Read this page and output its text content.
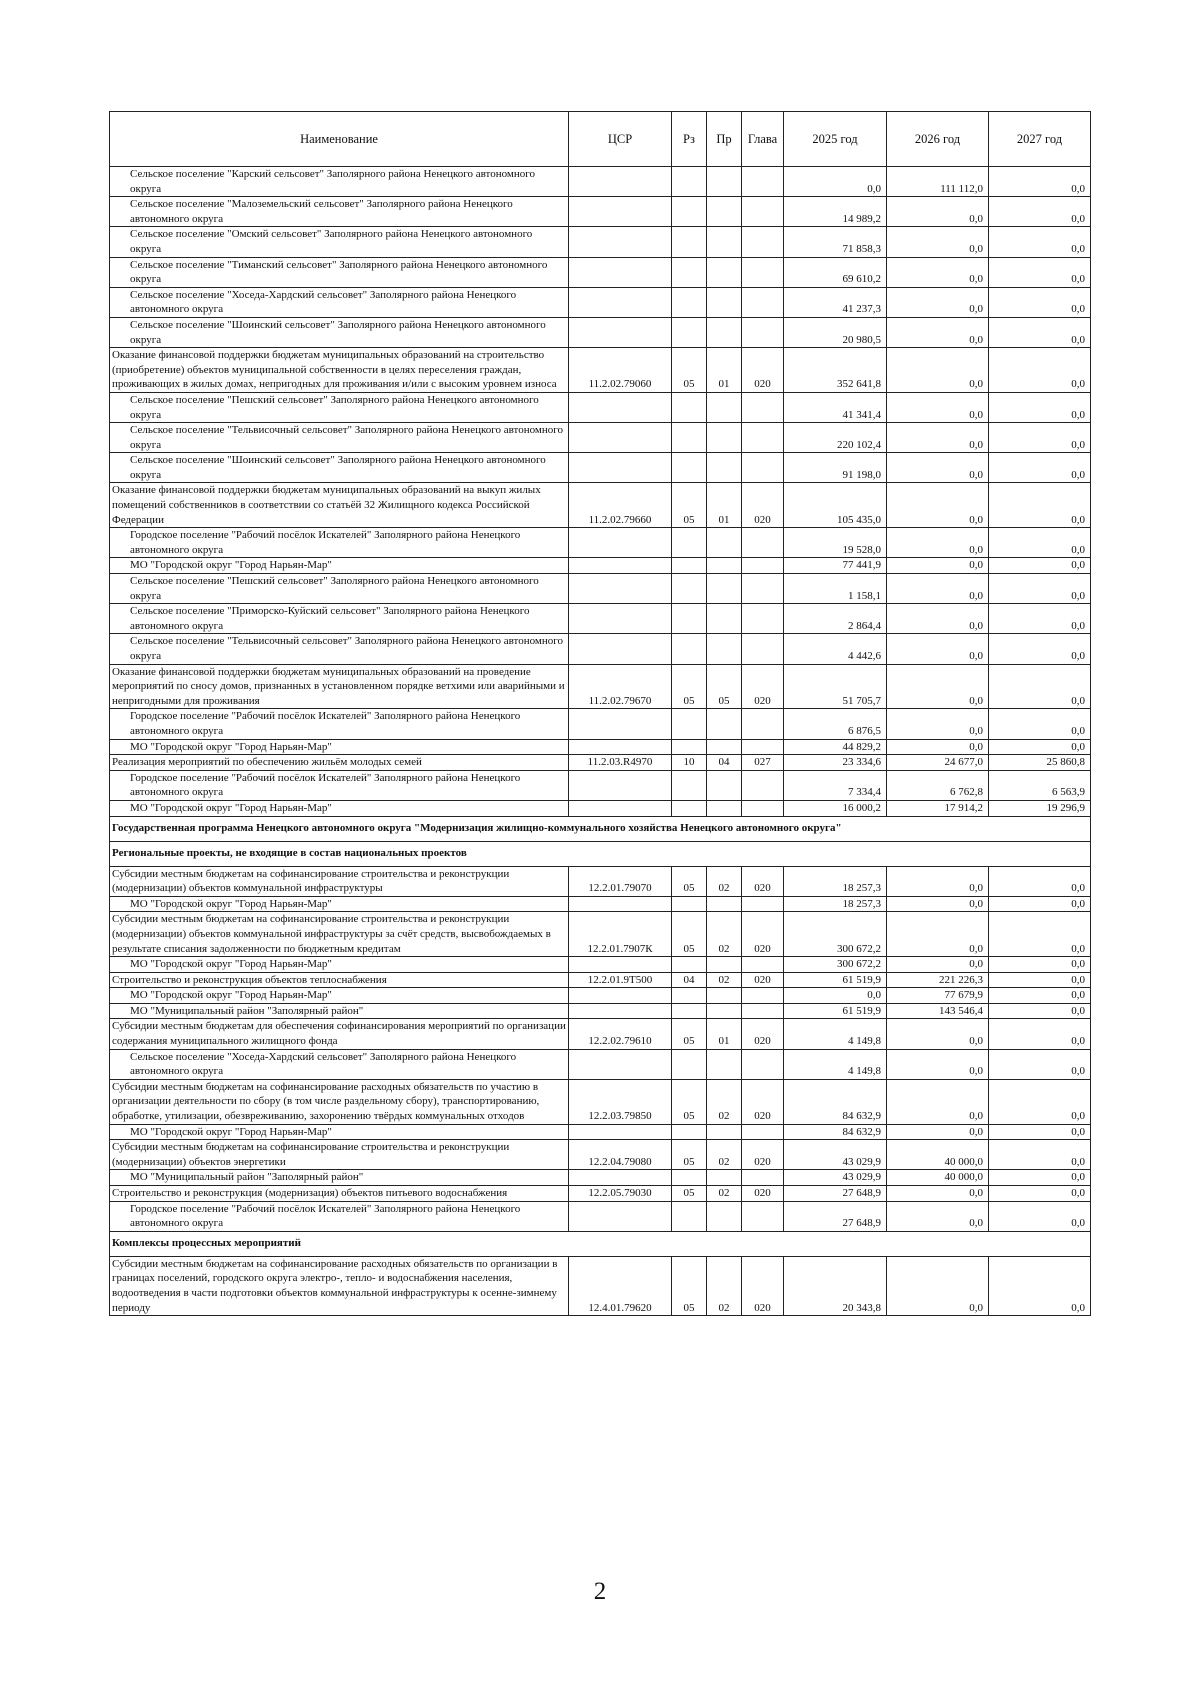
Наименование	ЦСР	Рз	Пр	Глава	2025 год	2026 год	2027 год
Сельское поселение "Карский сельсовет" Заполярного района Ненецкого автономного округа					0,0	111 112,0	0,0
Сельское поселение "Малоземельский сельсовет" Заполярного района Ненецкого автономного округа					14 989,2	0,0	0,0
Сельское поселение "Омский сельсовет" Заполярного района Ненецкого автономного округа					71 858,3	0,0	0,0
Сельское поселение "Тиманский сельсовет" Заполярного района Ненецкого автономного округа					69 610,2	0,0	0,0
Сельское поселение "Хоседа-Хардский сельсовет" Заполярного района Ненецкого автономного округа					41 237,3	0,0	0,0
Сельское поселение "Шоинский сельсовет" Заполярного района Ненецкого автономного округа					20 980,5	0,0	0,0
Оказание финансовой поддержки бюджетам муниципальных образований на строительство (приобретение) объектов муниципальной собственности в целях переселения граждан, проживающих в жилых домах, непригодных для проживания и/или с высоким уровнем износа	11.2.02.79060	05	01	020	352 641,8	0,0	0,0
Сельское поселение "Пешский сельсовет" Заполярного района Ненецкого автономного округа					41 341,4	0,0	0,0
Сельское поселение "Тельвисочный сельсовет" Заполярного района Ненецкого автономного округа					220 102,4	0,0	0,0
Сельское поселение "Шоинский сельсовет" Заполярного района Ненецкого автономного округа					91 198,0	0,0	0,0
Оказание финансовой поддержки бюджетам муниципальных образований на выкуп жилых помещений собственников в соответствии со статьёй 32 Жилищного кодекса Российской Федерации	11.2.02.79660	05	01	020	105 435,0	0,0	0,0
Городское поселение "Рабочий посёлок Искателей" Заполярного района Ненецкого автономного округа					19 528,0	0,0	0,0
МО "Городской округ "Город Нарьян-Мар"					77 441,9	0,0	0,0
Сельское поселение "Пешский сельсовет" Заполярного района Ненецкого автономного округа					1 158,1	0,0	0,0
Сельское поселение "Приморско-Куйский сельсовет" Заполярного района Ненецкого автономного округа					2 864,4	0,0	0,0
Сельское поселение "Тельвисочный сельсовет" Заполярного района Ненецкого автономного округа					4 442,6	0,0	0,0
Оказание финансовой поддержки бюджетам муниципальных образований на проведение мероприятий по сносу домов, признанных в установленном порядке ветхими или аварийными и непригодными для проживания	11.2.02.79670	05	05	020	51 705,7	0,0	0,0
Городское поселение "Рабочий посёлок Искателей" Заполярного района Ненецкого автономного округа					6 876,5	0,0	0,0
МО "Городской округ "Город Нарьян-Мар"					44 829,2	0,0	0,0
Реализация мероприятий по обеспечению жильём молодых семей	11.2.03.R4970	10	04	027	23 334,6	24 677,0	25 860,8
Городское поселение "Рабочий посёлок Искателей" Заполярного района Ненецкого автономного округа					7 334,4	6 762,8	6 563,9
МО "Городской округ "Город Нарьян-Мар"					16 000,2	17 914,2	19 296,9
Государственная программа Ненецкого автономного округа "Модернизация жилищно-коммунального хозяйства Ненецкого автономного округа"							
Региональные проекты, не входящие в состав национальных проектов							
Субсидии местным бюджетам на софинансирование строительства и реконструкции (модернизации) объектов коммунальной инфраструктуры	12.2.01.79070	05	02	020	18 257,3	0,0	0,0
МО "Городской округ "Город Нарьян-Мар"					18 257,3	0,0	0,0
Субсидии местным бюджетам на софинансирование строительства и реконструкции (модернизации) объектов коммунальной инфраструктуры за счёт средств, высвобождаемых в результате списания задолженности по бюджетным кредитам	12.2.01.7907К	05	02	020	300 672,2	0,0	0,0
МО "Городской округ "Город Нарьян-Мар"					300 672,2	0,0	0,0
Строительство и реконструкция объектов теплоснабжения	12.2.01.9Т500	04	02	020	61 519,9	221 226,3	0,0
МО "Городской округ "Город Нарьян-Мар"					0,0	77 679,9	0,0
МО "Муниципальный район "Заполярный район"					61 519,9	143 546,4	0,0
Субсидии местным бюджетам для обеспечения софинансирования мероприятий по организации содержания муниципального жилищного фонда	12.2.02.79610	05	01	020	4 149,8	0,0	0,0
Сельское поселение "Хоседа-Хардский сельсовет" Заполярного района Ненецкого автономного округа					4 149,8	0,0	0,0
Субсидии местным бюджетам на софинансирование расходных обязательств по участию в организации деятельности по сбору (в том числе раздельному сбору), транспортированию, обработке, утилизации, обезвреживанию, захоронению твёрдых коммунальных отходов	12.2.03.79850	05	02	020	84 632,9	0,0	0,0
МО "Городской округ "Город Нарьян-Мар"					84 632,9	0,0	0,0
Субсидии местным бюджетам на софинансирование строительства и реконструкции (модернизации) объектов энергетики	12.2.04.79080	05	02	020	43 029,9	40 000,0	0,0
МО "Муниципальный район "Заполярный район"					43 029,9	40 000,0	0,0
Строительство и реконструкция (модернизация) объектов питьевого водоснабжения	12.2.05.79030	05	02	020	27 648,9	0,0	0,0
Городское поселение "Рабочий посёлок Искателей" Заполярного района Ненецкого автономного округа					27 648,9	0,0	0,0
Комплексы процессных мероприятий							
Субсидии местным бюджетам на софинансирование расходных обязательств по организации в границах поселений, городского округа электро-, тепло- и водоснабжения населения, водоотведения в части подготовки объектов коммунальной инфраструктуры к осенне-зимнему периоду	12.4.01.79620	05	02	020	20 343,8	0,0	0,0
2
